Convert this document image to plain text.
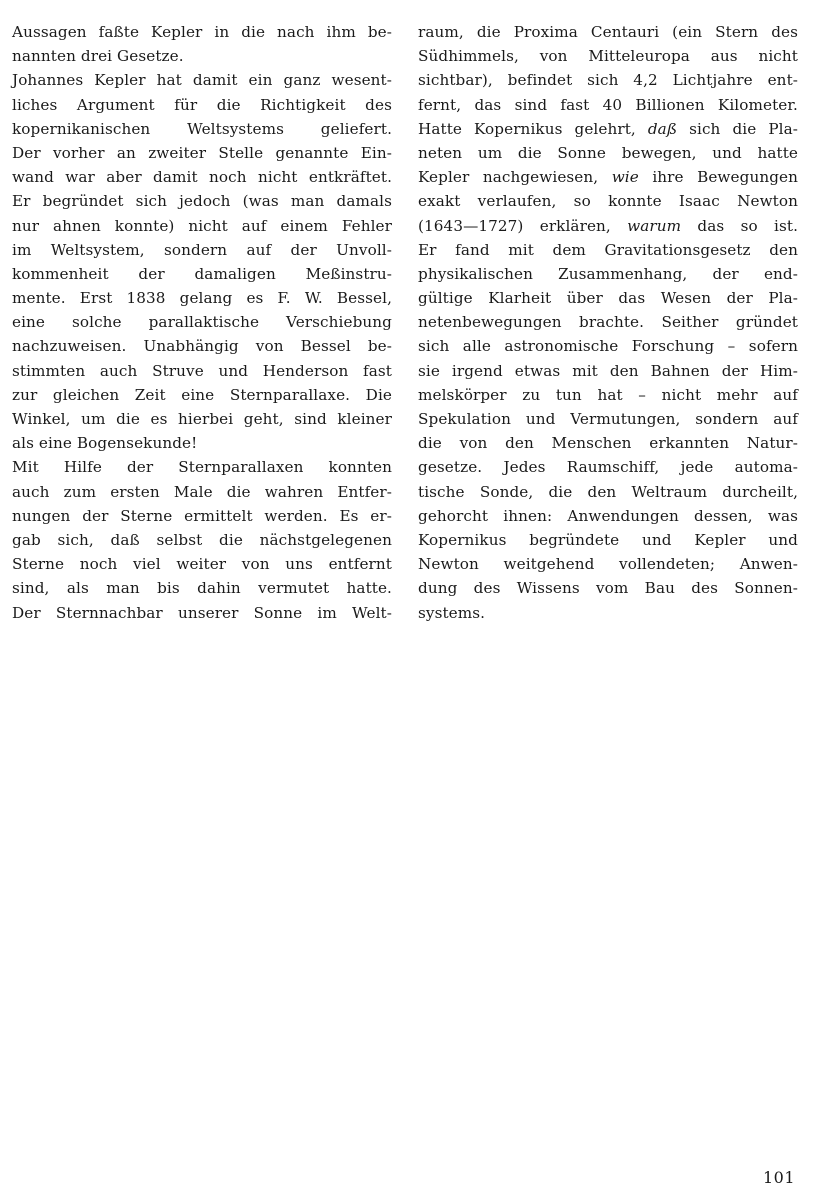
Aussagen faßte Kepler in die nach ihm be-
nannten drei Gesetze.
Johannes Kepler hat damit ein ganz wesent-
liches Argument für die Richtigkeit des
kopernikanischen Weltsystems geliefert.
Der vorher an zweiter Stelle genannte Ein-
wand war aber damit noch nicht entkräftet.
Er begründet sich jedoch (was man damals
nur ahnen konnte) nicht auf einem Fehler
im Weltsystem, sondern auf der Unvoll-
kommenheit der damaligen Meßinstru-
mente. Erst 1838 gelang es F. W. Bessel,
eine solche parallaktische Verschiebung
nachzuweisen. Unabhängig von Bessel be-
stimmten auch Struve und Henderson fast
zur gleichen Zeit eine Sternparallaxe. Die
Winkel, um die es hierbei geht, sind kleiner
als eine Bogensekunde!
Mit Hilfe der Sternparallaxen konnten
auch zum ersten Male die wahren Entfer-
nungen der Sterne ermittelt werden. Es er-
gab sich, daß selbst die nächstgelegenen
Sterne noch viel weiter von uns entfernt
sind, als man bis dahin vermutet hatte.
Der Sternnachbar unserer Sonne im Welt-
raum, die Proxima Centauri (ein Stern des
Südhimmels, von Mitteleuropa aus nicht
sichtbar), befindet sich 4,2 Lichtjahre ent-
fernt, das sind fast 40 Billionen Kilometer.
Hatte Kopernikus gelehrt, daß sich die Pla-
neten um die Sonne bewegen, und hatte
Kepler nachgewiesen, wie ihre Bewegungen
exakt verlaufen, so konnte Isaac Newton
(1643—1727) erklären, warum das so ist.
Er fand mit dem Gravitationsgesetz den
physikalischen Zusammenhang, der end-
gültige Klarheit über das Wesen der Pla-
netenbewegungen brachte. Seither gründet
sich alle astronomische Forschung – sofern
sie irgend etwas mit den Bahnen der Him-
melskörper zu tun hat – nicht mehr auf
Spekulation und Vermutungen, sondern auf
die von den Menschen erkannten Natur-
gesetze. Jedes Raumschiff, jede automa-
tische Sonde, die den Weltraum durcheilt,
gehorcht ihnen: Anwendungen dessen, was
Kopernikus begründete und Kepler und
Newton weitgehend vollendeten; Anwen-
dung des Wissens vom Bau des Sonnen-
systems.
101
